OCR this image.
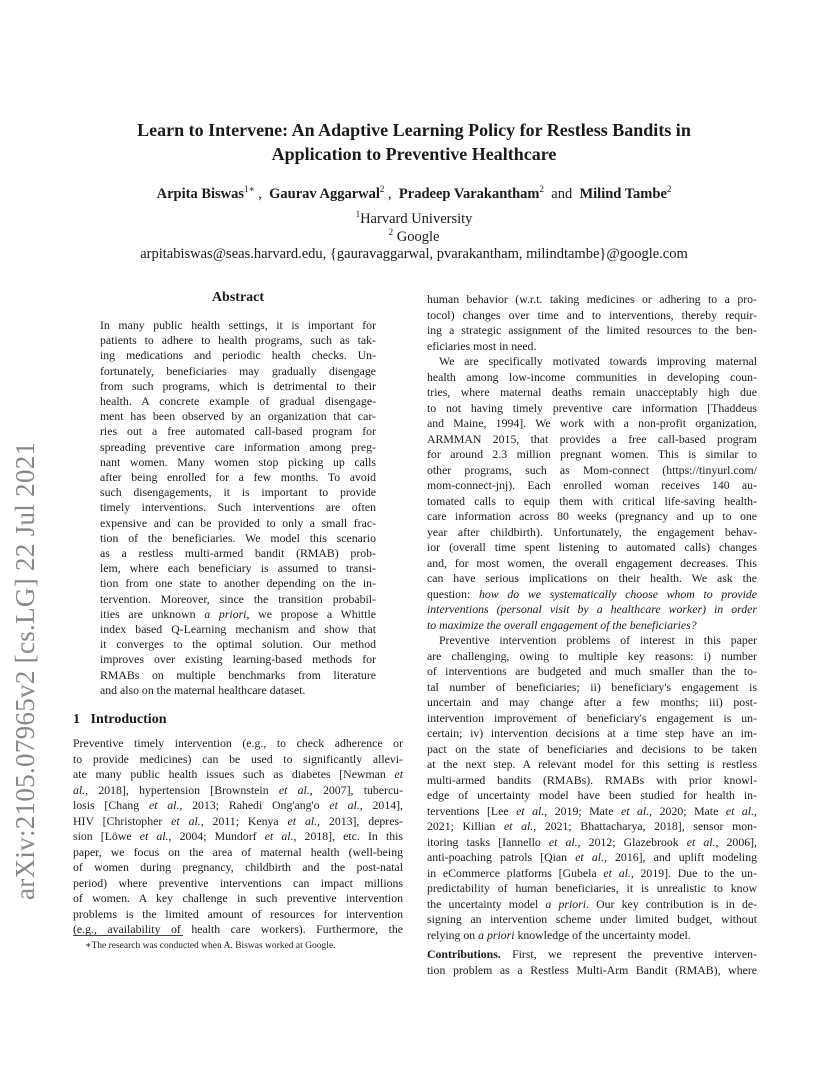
Learn to Intervene: An Adaptive Learning Policy for Restless Bandits in
Application to Preventive Healthcare
Arpita Biswas$^{1∗}$ ,  Gaurav Aggarwal$^2$ ,  Pradeep Varakantham$^2$ and Milind Tambe$^2$
$^1$Harvard University
$^2$ Google
arpitabiswas@seas.harvard.edu, {gauravaggarwal, pvarakantham, milindtambe}@google.com
arXiv:2105.07965v2 [cs.LG] 22 Jul 2021
Abstract
In many public health settings, it is important for
patients to adhere to health programs, such as tak-
ing medications and periodic health checks. Un-
fortunately, beneficiaries may gradually disengage
from such programs, which is detrimental to their
health. A concrete example of gradual disengage-
ment has been observed by an organization that car-
ries out a free automated call-based program for
spreading preventive care information among preg-
nant women. Many women stop picking up calls
after being enrolled for a few months. To avoid
such disengagements, it is important to provide
timely interventions. Such interventions are often
expensive and can be provided to only a small frac-
tion of the beneficiaries. We model this scenario
as a restless multi-armed bandit (RMAB) prob-
lem, where each beneficiary is assumed to transi-
tion from one state to another depending on the in-
tervention. Moreover, since the transition probabil-
ities are unknown a priori, we propose a Whittle
index based Q-Learning mechanism and show that
it converges to the optimal solution. Our method
improves over existing learning-based methods for
RMABs on multiple benchmarks from literature
and also on the maternal healthcare dataset.
1 Introduction
Preventive timely intervention (e.g., to check adherence or
to provide medicines) can be used to significantly allevi-
ate many public health issues such as diabetes [Newman et
al., 2018], hypertension [Brownstein et al., 2007], tubercu-
losis [Chang et al., 2013; Rahedi Ong'ang'o et al., 2014],
HIV [Christopher et al., 2011; Kenya et al., 2013], depres-
sion [Löwe et al., 2004; Mundorf et al., 2018], etc. In this
paper, we focus on the area of maternal health (well-being
of women during pregnancy, childbirth and the post-natal
period) where preventive interventions can impact millions
of women. A key challenge in such preventive intervention
problems is the limited amount of resources for intervention
(e.g., availability of health care workers). Furthermore, the
∗The research was conducted when A. Biswas worked at Google.
human behavior (w.r.t. taking medicines or adhering to a pro-
tocol) changes over time and to interventions, thereby requir-
ing a strategic assignment of the limited resources to the ben-
eficiaries most in need.
We are specifically motivated towards improving maternal
health among low-income communities in developing coun-
tries, where maternal deaths remain unacceptably high due
to not having timely preventive care information [Thaddeus
and Maine, 1994]. We work with a non-profit organization,
ARMMAN 2015, that provides a free call-based program
for around 2.3 million pregnant women. This is similar to
other programs, such as Mom-connect (https://tinyurl.com/
mom-connect-jnj). Each enrolled woman receives 140 au-
tomated calls to equip them with critical life-saving health-
care information across 80 weeks (pregnancy and up to one
year after childbirth). Unfortunately, the engagement behav-
ior (overall time spent listening to automated calls) changes
and, for most women, the overall engagement decreases. This
can have serious implications on their health. We ask the
question: how do we systematically choose whom to provide
interventions (personal visit by a healthcare worker) in order
to maximize the overall engagement of the beneficiaries?
Preventive intervention problems of interest in this paper
are challenging, owing to multiple key reasons: i) number
of interventions are budgeted and much smaller than the to-
tal number of beneficiaries; ii) beneficiary's engagement is
uncertain and may change after a few months; iii) post-
intervention improvement of beneficiary's engagement is un-
certain; iv) intervention decisions at a time step have an im-
pact on the state of beneficiaries and decisions to be taken
at the next step. A relevant model for this setting is restless
multi-armed bandits (RMABs). RMABs with prior knowl-
edge of uncertainty model have been studied for health in-
terventions [Lee et al., 2019; Mate et al., 2020; Mate et al.,
2021; Killian et al., 2021; Bhattacharya, 2018], sensor mon-
itoring tasks [Iannello et al., 2012; Glazebrook et al., 2006],
anti-poaching patrols [Qian et al., 2016], and uplift modeling
in eCommerce platforms [Gubela et al., 2019]. Due to the un-
predictability of human beneficiaries, it is unrealistic to know
the uncertainty model a priori. Our key contribution is in de-
signing an intervention scheme under limited budget, without
relying on a priori knowledge of the uncertainty model.
Contributions. First, we represent the preventive interven-
tion problem as a Restless Multi-Arm Bandit (RMAB), where
